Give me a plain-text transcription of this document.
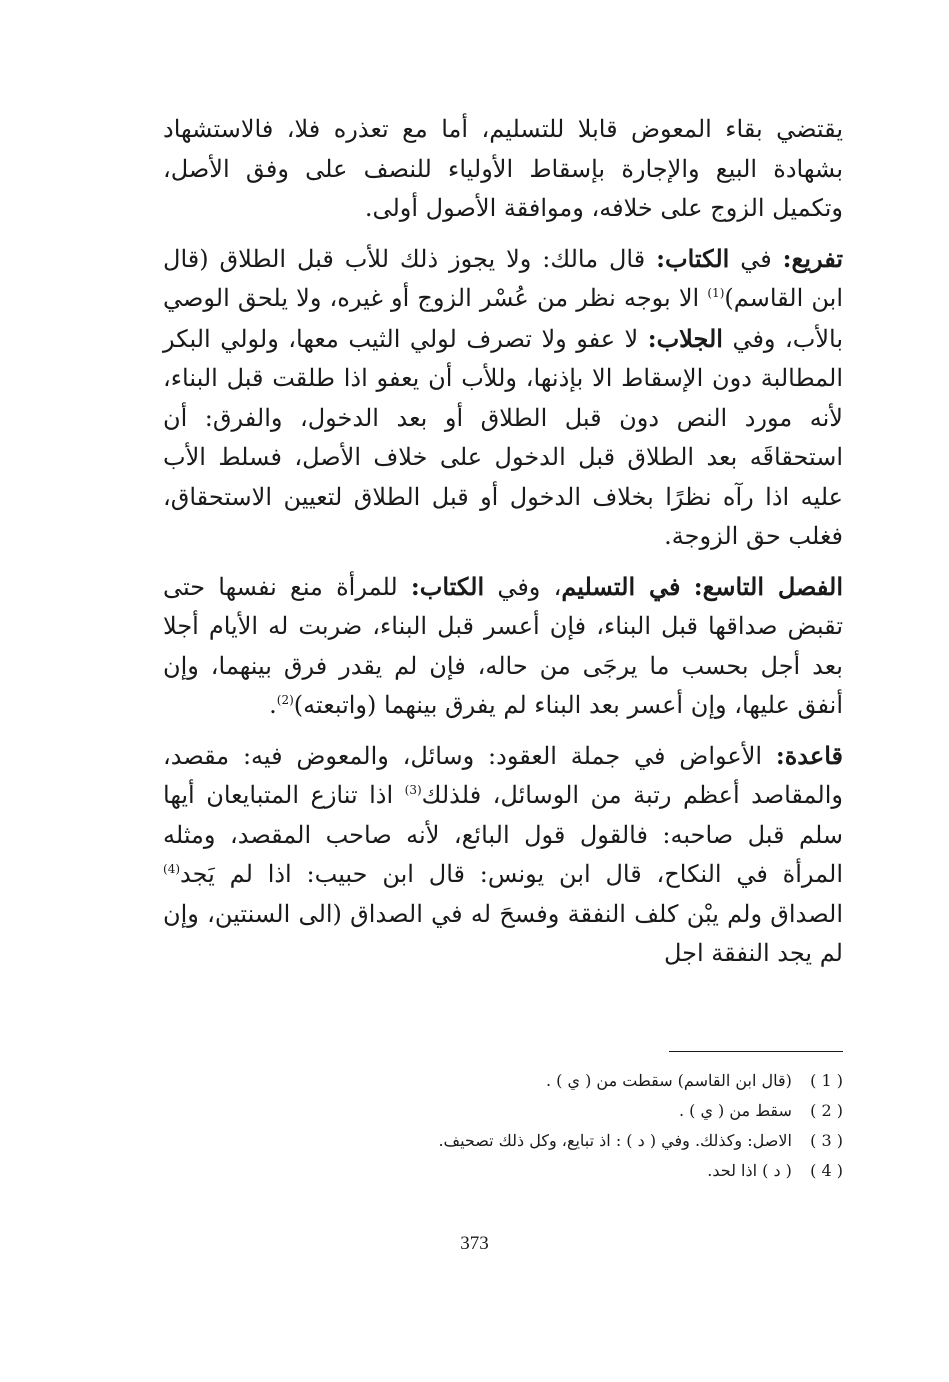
يقتضي بقاء المعوض قابلا للتسليم، أما مع تعذره فلا، فالاستشهاد بشهادة البيع والإجارة بإسقاط الأولياء للنصف على وفق الأصل، وتكميل الزوج على خلافه، وموافقة الأصول أولى.

تفريع: في الكتاب: قال مالك: ولا يجوز ذلك للأب قبل الطلاق (قال ابن القاسم)$^{(1)}$ الا بوجه نظر من عُسْر الزوج أو غيره، ولا يلحق الوصي بالأب، وفي الجلاب: لا عفو ولا تصرف لولي الثيب معها، ولولي البكر المطالبة دون الإسقاط الا بإذنها، وللأب أن يعفو اذا طلقت قبل البناء، لأنه مورد النص دون قبل الطلاق أو بعد الدخول، والفرق: أن استحقاقَه بعد الطلاق قبل الدخول على خلاف الأصل، فسلط الأب عليه اذا رآه نظرًا بخلاف الدخول أو قبل الطلاق لتعيين الاستحقاق، فغلب حق الزوجة.

الفصل التاسع: في التسليم، وفي الكتاب: للمرأة منع نفسها حتى تقبض صداقها قبل البناء، فإن أعسر قبل البناء، ضربت له الأيام أجلا بعد أجل بحسب ما يرجَى من حاله، فإن لم يقدر فرق بينهما، وإن أنفق عليها، وإن أعسر بعد البناء لم يفرق بينهما (واتبعته)$^{(2)}$.

قاعدة: الأعواض في جملة العقود: وسائل، والمعوض فيه: مقصد، والمقاصد أعظم رتبة من الوسائل، فلذلك$^{(3)}$ اذا تنازع المتبايعان أيها سلم قبل صاحبه: فالقول قول البائع، لأنه صاحب المقصد، ومثله المرأة في النكاح، قال ابن يونس: قال ابن حبيب: اذا لم يَجد$^{(4)}$ الصداق ولم يبْن كلف النفقة وفسحَ له في الصداق (الى السنتين، وإن لم يجد النفقة اجل

( 1 ) (قال ابن القاسم) سقطت من ( ي ) .
( 2 ) سقط من ( ي ) .
( 3 ) الاصل: وكذلك. وفي ( د ) : اذ تبايع، وكل ذلك تصحيف.
( 4 ) ( د ) اذا لحد.
373
